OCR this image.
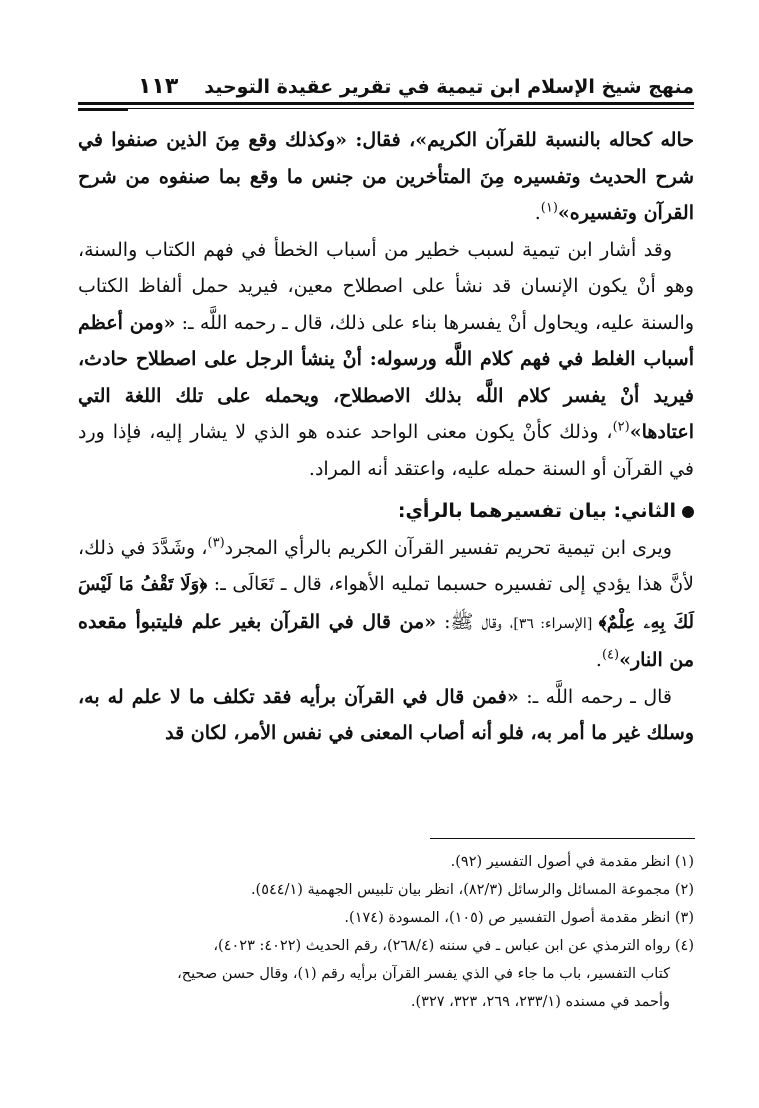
منهج شيخ الإسلام ابن تيمية في تقرير عقيدة التوحيد
١١٣

حاله كحاله بالنسبة للقرآن الكريم»، فقال: «وكذلك وقع مِنَ الذين صنفوا في شرح الحديث وتفسيره مِنَ المتأخرين من جنس ما وقع بما صنفوه من شرح القرآن وتفسيره»$^{(١)}$.

وقد أشار ابن تيمية لسبب خطير من أسباب الخطأ في فهم الكتاب والسنة، وهو أنْ يكون الإنسان قد نشأ على اصطلاح معين، فيريد حمل ألفاظ الكتاب والسنة عليه، ويحاول أنْ يفسرها بناء على ذلك، قال ـ رحمه اللَّه ـ: «ومن أعظم أسباب الغلط في فهم كلام اللَّه ورسوله: أنْ ينشأ الرجل على اصطلاح حادث، فيريد أنْ يفسر كلام اللَّه بذلك الاصطلاح، ويحمله على تلك اللغة التي اعتادها»$^{(٢)}$، وذلك كأنْ يكون معنى الواحد عنده هو الذي لا يشار إليه، فإذا ورد في القرآن أو السنة حمله عليه، واعتقد أنه المراد.

الثاني: بيان تفسيرهما بالرأي:

ويرى ابن تيمية تحريم تفسير القرآن الكريم بالرأي المجرد$^{(٣)}$، وشَدَّدَ في ذلك، لأنَّ هذا يؤدي إلى تفسيره حسبما تمليه الأهواء، قال ـ تَعَالَى ـ: ﴿وَلَا تَقْفُ مَا لَيْسَ لَكَ بِهِۦ عِلْمٌ﴾ [الإسراء: ٣٦]، وقال ﷺ: «من قال في القرآن بغير علم فليتبوأ مقعده من النار»$^{(٤)}$.

قال ـ رحمه اللَّه ـ: «فمن قال في القرآن برأيه فقد تكلف ما لا علم له به، وسلك غير ما أمر به، فلو أنه أصاب المعنى في نفس الأمر، لكان قد

(١) انظر مقدمة في أصول التفسير (٩٢).

(٢) مجموعة المسائل والرسائل (٨٢/٣)، انظر بيان تلبيس الجهمية (٥٤٤/١).

(٣) انظر مقدمة أصول التفسير ص (١٠٥)، المسودة (١٧٤).

(٤) رواه الترمذي عن ابن عباس ـ في سننه (٢٦٨/٤)، رقم الحديث (٤٠٢٢: ٤٠٢٣)،

كتاب التفسير، باب ما جاء في الذي يفسر القرآن برأيه رقم (١)، وقال حسن صحيح،

وأحمد في مسنده (٢٣٣/١، ٢٦٩، ٣٢٣، ٣٢٧).
